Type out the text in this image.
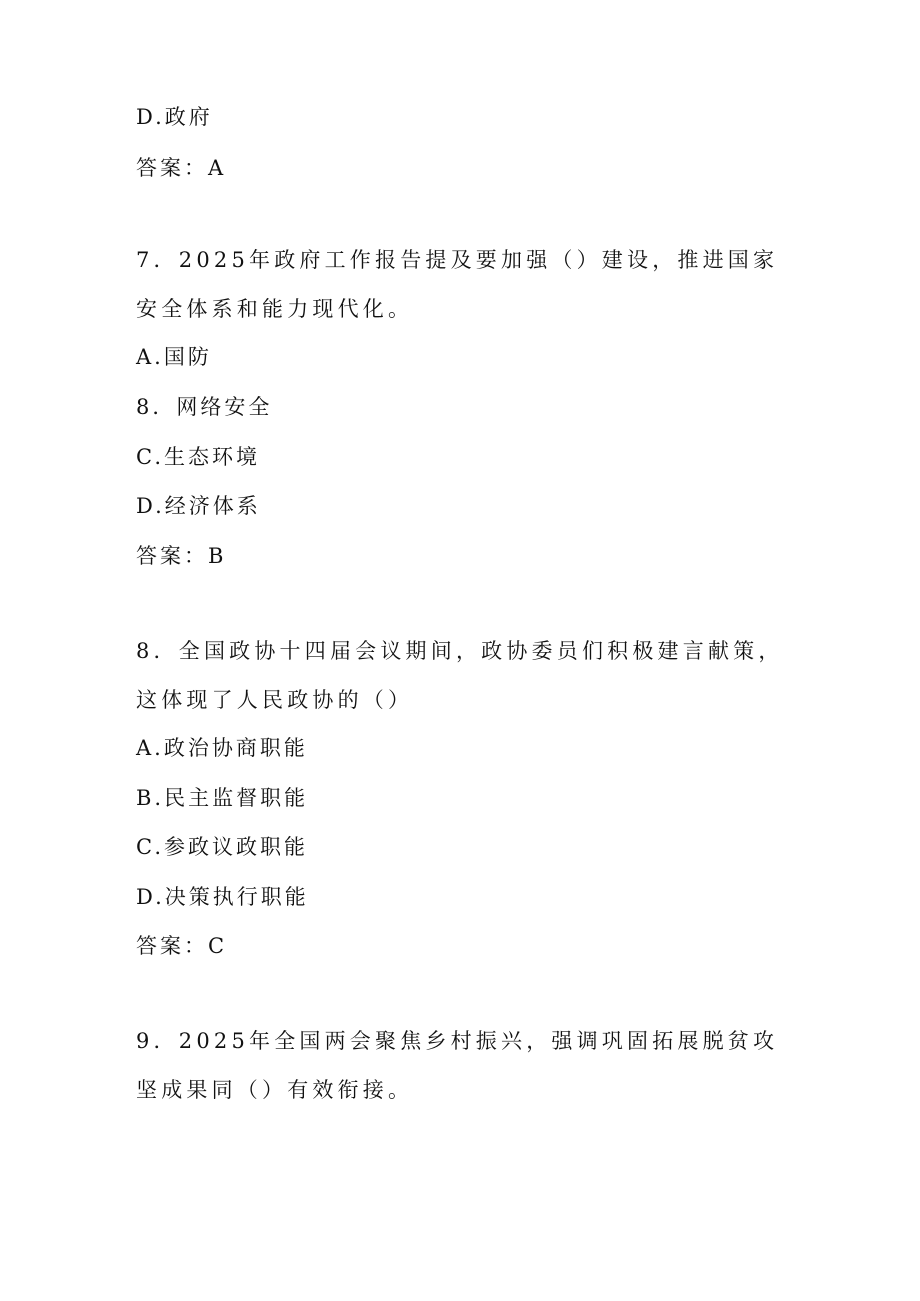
D.政府
答案：A
7．2025年政府工作报告提及要加强（）建设，推进国家安全体系和能力现代化。
A.国防
8．网络安全
C.生态环境
D.经济体系
答案：B
8．全国政协十四届会议期间，政协委员们积极建言献策，这体现了人民政协的（）
A.政治协商职能
B.民主监督职能
C.参政议政职能
D.决策执行职能
答案：C
9．2025年全国两会聚焦乡村振兴，强调巩固拓展脱贫攻坚成果同（）有效衔接。
